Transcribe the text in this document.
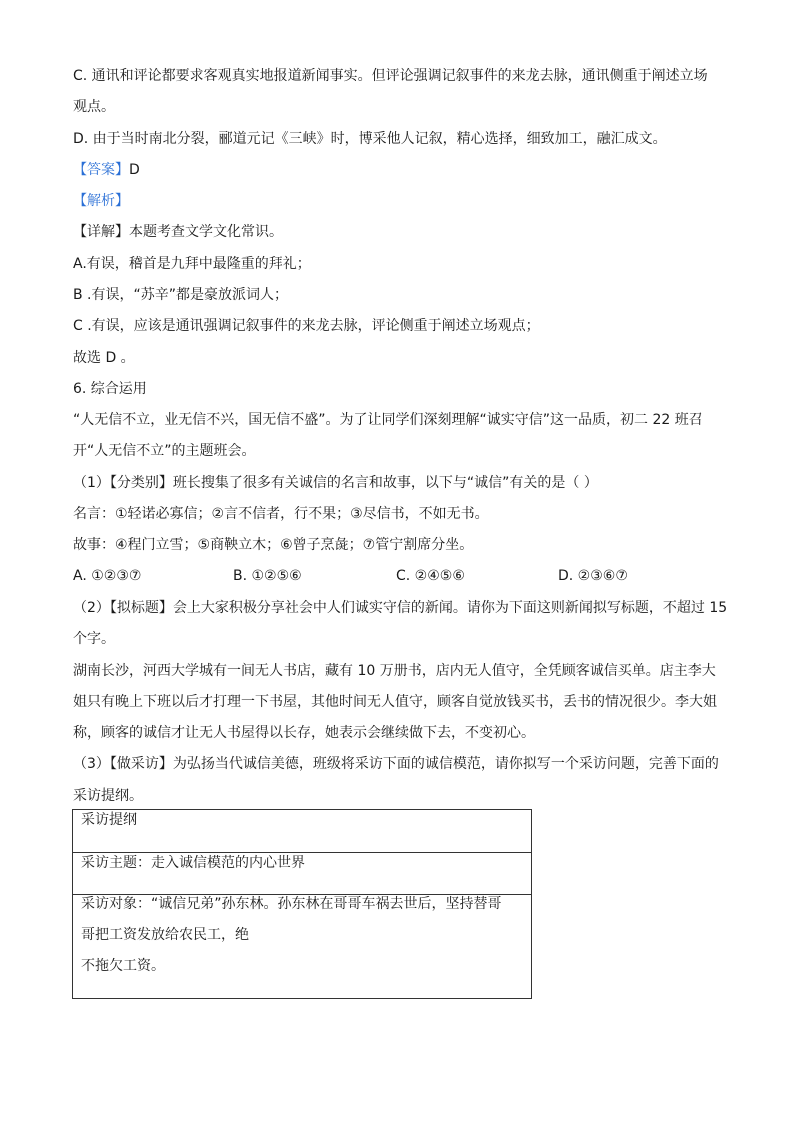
C. 通讯和评论都要求客观真实地报道新闻事实。但评论强调记叙事件的来龙去脉，通讯侧重于阐述立场
观点。
D. 由于当时南北分裂，郦道元记《三峡》时，博采他人记叙，精心选择，细致加工，融汇成文。
【答案】D
【解析】
【详解】本题考查文学文化常识。
A.有误，稽首是九拜中最隆重的拜礼；
B .有误，“苏辛”都是豪放派词人；
C .有误，应该是通讯强调记叙事件的来龙去脉，评论侧重于阐述立场观点；
故选 D 。
6. 综合运用
“人无信不立，业无信不兴，国无信不盛”。为了让同学们深刻理解“诚实守信”这一品质，初二 22 班召
开“人无信不立”的主题班会。
（1）【分类别】班长搜集了很多有关诚信的名言和故事，以下与“诚信”有关的是（ ）
名言：①轻诺必寡信；②言不信者，行不果；③尽信书，不如无书。
故事：④程门立雪；⑤商鞅立木；⑥曾子烹彘；⑦管宁割席分坐。
A. ①②③⑦	B. ①②⑤⑥	C. ②④⑤⑥	D. ②③⑥⑦
（2）【拟标题】会上大家积极分享社会中人们诚实守信的新闻。请你为下面这则新闻拟写标题，不超过 15
个字。
湖南长沙，河西大学城有一间无人书店，藏有 10 万册书，店内无人值守，全凭顾客诚信买单。店主李大
姐只有晚上下班以后才打理一下书屋，其他时间无人值守，顾客自觉放钱买书，丢书的情况很少。李大姐
称，顾客的诚信才让无人书屋得以长存，她表示会继续做下去，不变初心。
（3）【做采访】为弘扬当代诚信美德，班级将采访下面的诚信模范，请你拟写一个采访问题，完善下面的
采访提纲。
采访提纲
采访主题：走入诚信模范的内心世界

采访对象：“诚信兄弟”孙东林。孙东林在哥哥车祸去世后，坚持替哥
哥把工资发放给农民工，绝
不拖欠工资。
